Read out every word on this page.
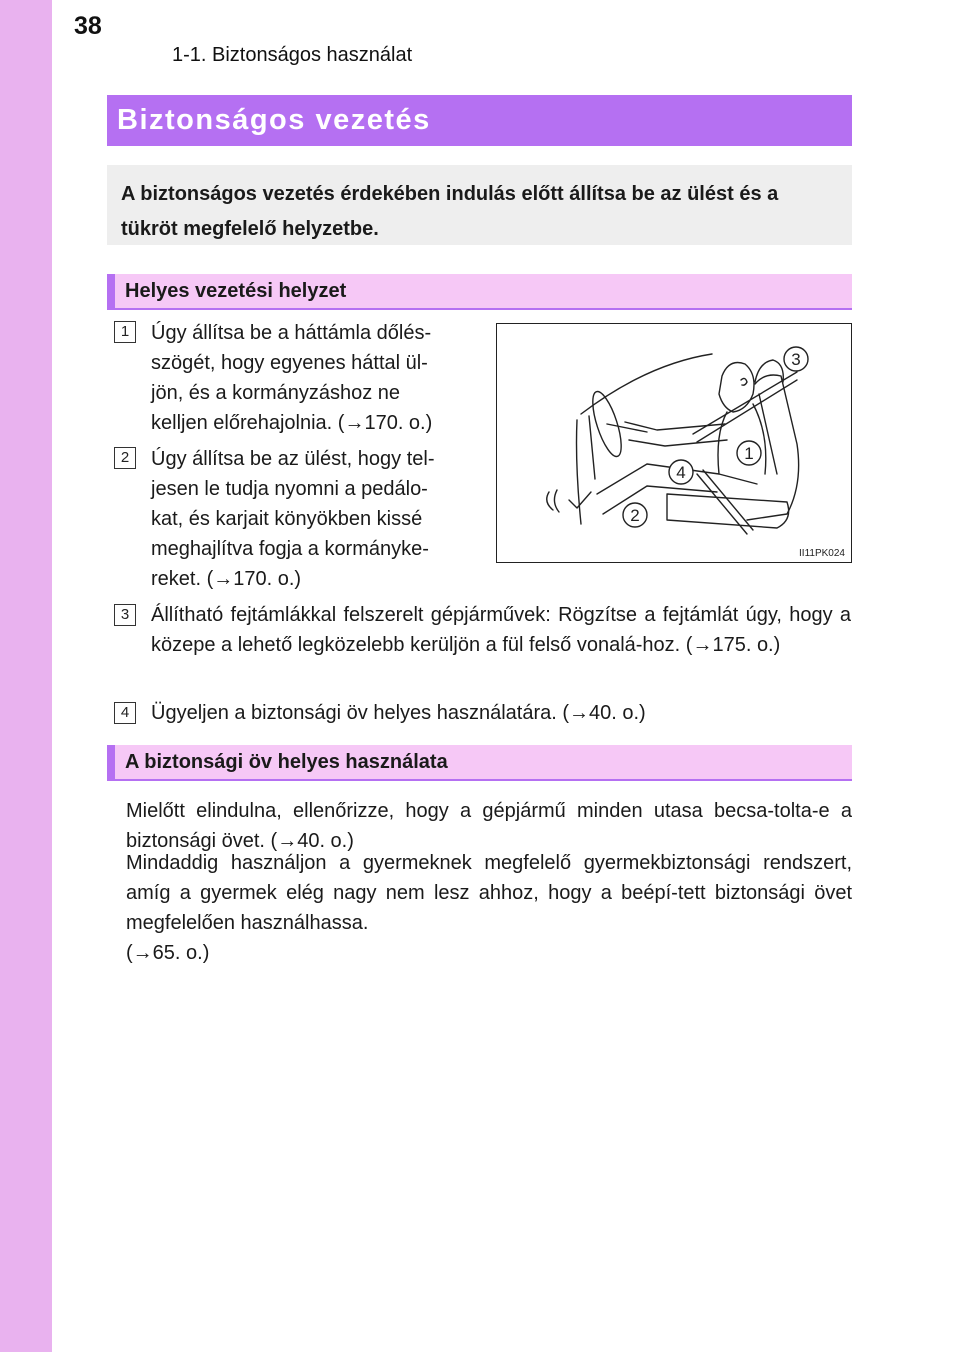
38
1-1. Biztonságos használat
Biztonságos vezetés

A biztonságos vezetés érdekében indulás előtt állítsa be az ülést és a tükröt megfelelő helyzetbe.

Helyes vezetési helyzet
1	Úgy állítsa be a háttámla dőlés-
szögét, hogy egyenes háttal ül-
jön, és a kormányzáshoz ne
kelljen előrehajolnia. (→170. o.)
2	Úgy állítsa be az ülést, hogy tel-
jesen le tudja nyomni a pedálo-
kat, és karjait könyökben kissé
meghajlítva fogja a kormányke-
reket. (→170. o.)
3
1
4
2
II11PK024
3	Állítható fejtámlákkal felszerelt gépjárművek: Rögzítse a fejtámlát úgy, hogy a közepe a lehető legközelebb kerüljön a fül felső vonalá-hoz. (→175. o.)
4	Ügyeljen a biztonsági öv helyes használatára. (→40. o.)
A biztonsági öv helyes használata
Mielőtt elindulna, ellenőrizze, hogy a gépjármű minden utasa becsa-tolta-e a biztonsági övet. (→40. o.)
Mindaddig használjon a gyermeknek megfelelő gyermekbiztonsági rendszert, amíg a gyermek elég nagy nem lesz ahhoz, hogy a beépí-tett biztonsági övet megfelelően használhassa.
(→65. o.)
